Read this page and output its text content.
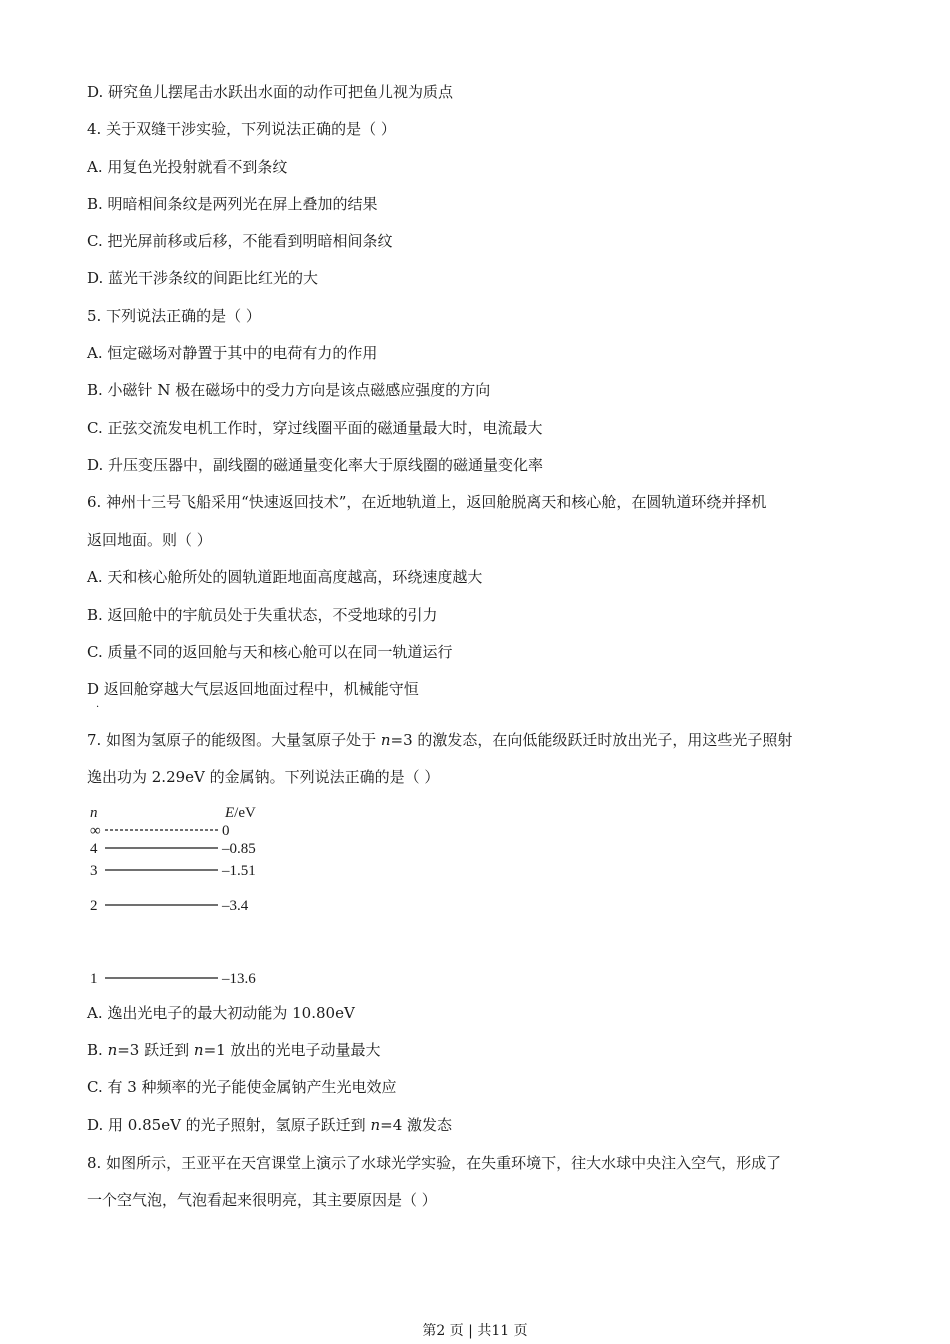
D. 研究鱼儿摆尾击水跃出水面的动作可把鱼儿视为质点
4. 关于双缝干涉实验，下列说法正确的是（ ）
A. 用复色光投射就看不到条纹
B. 明暗相间条纹是两列光在屏上叠加的结果
C. 把光屏前移或后移，不能看到明暗相间条纹
D. 蓝光干涉条纹的间距比红光的大
5. 下列说法正确的是（ ）
A. 恒定磁场对静置于其中的电荷有力的作用
B. 小磁针 N 极在磁场中的受力方向是该点磁感应强度的方向
C. 正弦交流发电机工作时，穿过线圈平面的磁通量最大时，电流最大
D. 升压变压器中，副线圈的磁通量变化率大于原线圈的磁通量变化率
6. 神州十三号飞船采用“快速返回技术”，在近地轨道上，返回舱脱离天和核心舱，在圆轨道环绕并择机
返回地面。则（ ）
A. 天和核心舱所处的圆轨道距地面高度越高，环绕速度越大
B. 返回舱中的宇航员处于失重状态，不受地球的引力
C. 质量不同的返回舱与天和核心舱可以在同一轨道运行
D 返回舱穿越大气层返回地面过程中，机械能守恒
7. 如图为氢原子的能级图。大量氢原子处于 n=3 的激发态，在向低能级跃迁时放出光子，用这些光子照射
逸出功为 2.29eV 的金属钠。下列说法正确的是（ ）
A. 逸出光电子的最大初动能为 10.80eV
B. n=3 跃迁到 n=1 放出的光电子动量最大
C. 有 3 种频率的光子能使金属钠产生光电效应
D. 用 0.85eV 的光子照射，氢原子跃迁到 n=4 激发态
8. 如图所示，王亚平在天宫课堂上演示了水球光学实验，在失重环境下，往大水球中央注入空气，形成了
一个空气泡，气泡看起来很明亮，其主要原因是（ ）
·
n	E/eV
∞	0
4	–0.85
3	–1.51
2	–3.4
1	–13.6
第2 页 | 共11 页
